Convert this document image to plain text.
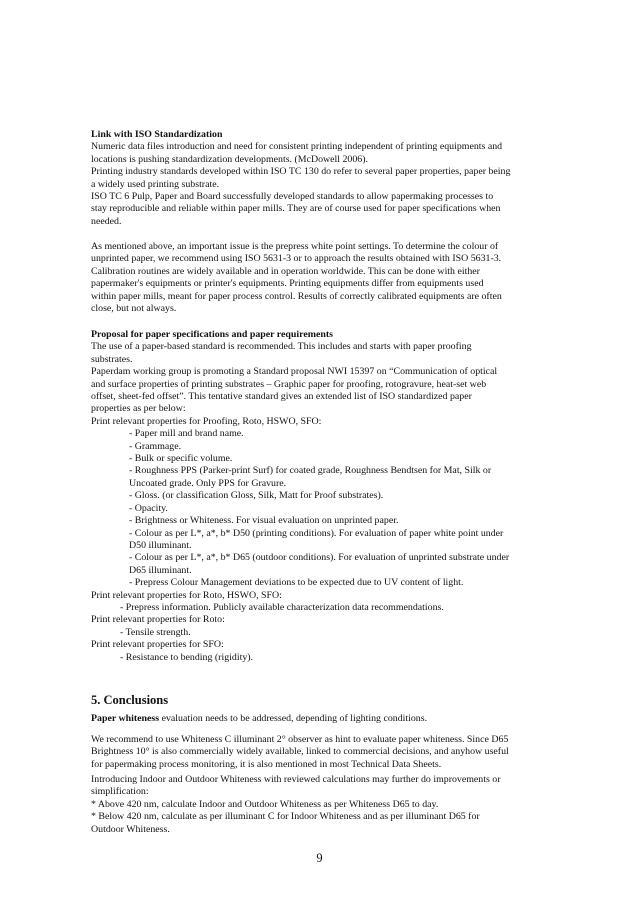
Link with ISO Standardization
Numeric data files introduction and need for consistent printing independent of printing equipments and
locations is pushing standardization developments. (McDowell 2006).
Printing industry standards developed within ISO TC 130 do refer to several paper properties, paper being
a widely used printing substrate.
ISO TC 6 Pulp, Paper and Board successfully developed standards to allow papermaking processes to
stay reproducible and reliable within paper mills. They are of course used for paper specifications when
needed.
As mentioned above, an important issue is the prepress white point settings. To determine the colour of
unprinted paper, we recommend using ISO 5631-3 or to approach the results obtained with ISO 5631-3.
Calibration routines are widely available and in operation worldwide. This can be done with either
papermaker's equipments or printer's equipments. Printing equipments differ from equipments used
within paper mills, meant for paper process control. Results of correctly calibrated equipments are often
close, but not always.
Proposal for paper specifications and paper requirements
The use of a paper-based standard is recommended. This includes and starts with paper proofing
substrates.
Paperdam working group is promoting a Standard proposal NWI 15397 on “Communication of optical
and surface properties of printing substrates – Graphic paper for proofing, rotogravure, heat-set web
offset, sheet-fed offset”. This tentative standard gives an extended list of ISO standardized paper
properties as per below:
Print relevant properties for Proofing, Roto, HSWO, SFO:
- Paper mill and brand name.
- Grammage.
- Bulk or specific volume.
- Roughness PPS (Parker-print Surf) for coated grade, Roughness Bendtsen for Mat, Silk or
Uncoated grade. Only PPS for Gravure.
- Gloss. (or classification Gloss, Silk, Matt for Proof substrates).
- Opacity.
- Brightness or Whiteness. For visual evaluation on unprinted paper.
- Colour as per L*, a*, b* D50 (printing conditions). For evaluation of paper white point under
D50 illuminant.
- Colour as per L*, a*, b* D65 (outdoor conditions). For evaluation of unprinted substrate under
D65 illuminant.
- Prepress Colour Management deviations to be expected due to UV content of light.
Print relevant properties for Roto, HSWO, SFO:
- Prepress information. Publicly available characterization data recommendations.
Print relevant properties for Roto:
- Tensile strength.
Print relevant properties for SFO:
- Resistance to bending (rigidity).
5. Conclusions
Paper whiteness evaluation needs to be addressed, depending of lighting conditions.
We recommend to use Whiteness C illuminant 2° observer as hint to evaluate paper whiteness. Since D65
Brightness 10° is also commercially widely available, linked to commercial decisions, and anyhow useful
for papermaking process monitoring, it is also mentioned in most Technical Data Sheets.
Introducing Indoor and Outdoor Whiteness with reviewed calculations may further do improvements or
simplification:
* Above 420 nm, calculate Indoor and Outdoor Whiteness as per Whiteness D65 to day.
* Below 420 nm, calculate as per illuminant C for Indoor Whiteness and as per illuminant D65 for
Outdoor Whiteness.
9
